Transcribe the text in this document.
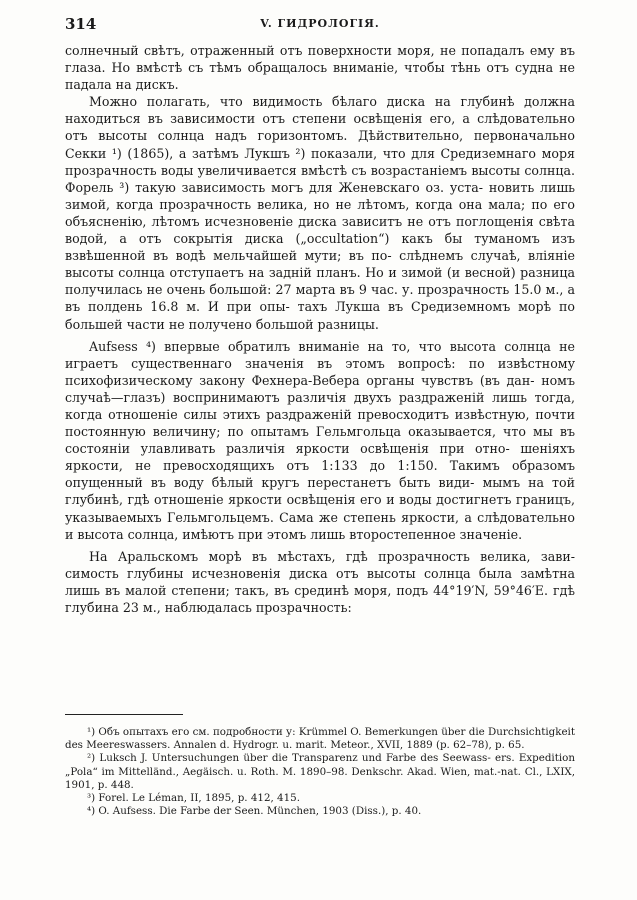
314	V. ГИДРОЛОГІЯ.

солнечный свѣтъ, отраженный отъ поверхности моря, не попадалъ ему въ глаза. Но вмѣстѣ съ тѣмъ обращалось вниманіе, чтобы тѣнь отъ судна не падала на дискъ.

Можно полагать, что видимость бѣлаго диска на глубинѣ должна находиться въ зависимости отъ степени освѣщенія его, а слѣдовательно отъ высоты солнца надъ горизонтомъ. Дѣйствительно, первоначально Секки ¹) (1865), а затѣмъ Лукшъ ²) показали, что для Средиземнаго моря прозрачность воды увеличивается вмѣстѣ съ возрастаніемъ высоты солнца. Форель ³) такую зависимость могъ для Женевскаго оз. уста- новить лишь зимой, когда прозрачность велика, но не лѣтомъ, когда она мала; по его объясненію, лѣтомъ исчезновеніе диска зависитъ не отъ поглощенія свѣта водой, а отъ сокрытія диска („occultation“) какъ бы туманомъ изъ взвѣшенной въ водѣ мельчайшей мути; въ по- слѣднемъ случаѣ, вліяніе высоты солнца отступаетъ на задній планъ. Но и зимой (и весной) разница получилась не очень большой: 27 марта въ 9 час. у. прозрачность 15.0 м., а въ полдень 16.8 м. И при опы- тахъ Лукша въ Средиземномъ морѣ по большей части не получено большой разницы.

Aufsess ⁴) впервые обратилъ вниманіе на то, что высота солнца не играетъ существеннаго значенія въ этомъ вопросѣ: по извѣстному психофизическому закону Фехнера-Вебера органы чувствъ (въ дан- номъ случаѣ—глазъ) воспринимаютъ различія двухъ раздраженій лишь тогда, когда отношеніе силы этихъ раздраженій превосходитъ извѣстную, почти постоянную величину; по опытамъ Гельмгольца оказывается, что мы въ состояніи улавливать различія яркости освѣщенія при отно- шеніяхъ яркости, не превосходящихъ отъ 1:133 до 1:150. Такимъ образомъ опущенный въ воду бѣлый кругъ перестанетъ быть види- мымъ на той глубинѣ, гдѣ отношеніе яркости освѣщенія его и воды достигнетъ границъ, указываемыхъ Гельмгольцемъ. Сама же степень яркости, а слѣдовательно и высота солнца, имѣютъ при этомъ лишь второстепенное значеніе.

На Аральскомъ морѣ въ мѣстахъ, гдѣ прозрачность велика, зави- симость глубины исчезновенія диска отъ высоты солнца была замѣтна лишь въ малой степени; такъ, въ срединѣ моря, подъ 44°19′N, 59°46′E. гдѣ глубина 23 м., наблюдалась прозрачность:

¹) Объ опытахъ его см. подробности у: Krümmel O. Bemerkungen über die Durchsichtigkeit des Meereswassers. Annalen d. Hydrogr. u. marit. Meteor., XVII, 1889 (p. 62–78), p. 65.

²) Luksch J. Untersuchungen über die Transparenz und Farbe des Seewass- ers. Expedition „Pola“ im Mittelländ., Aegäisch. u. Roth. M. 1890–98. Denkschr. Akad. Wien, mat.-nat. Cl., LXIX, 1901, p. 448.

³) Forel. Le Léman, II, 1895, p. 412, 415.

⁴) O. Aufsess. Die Farbe der Seen. München, 1903 (Diss.), p. 40.
